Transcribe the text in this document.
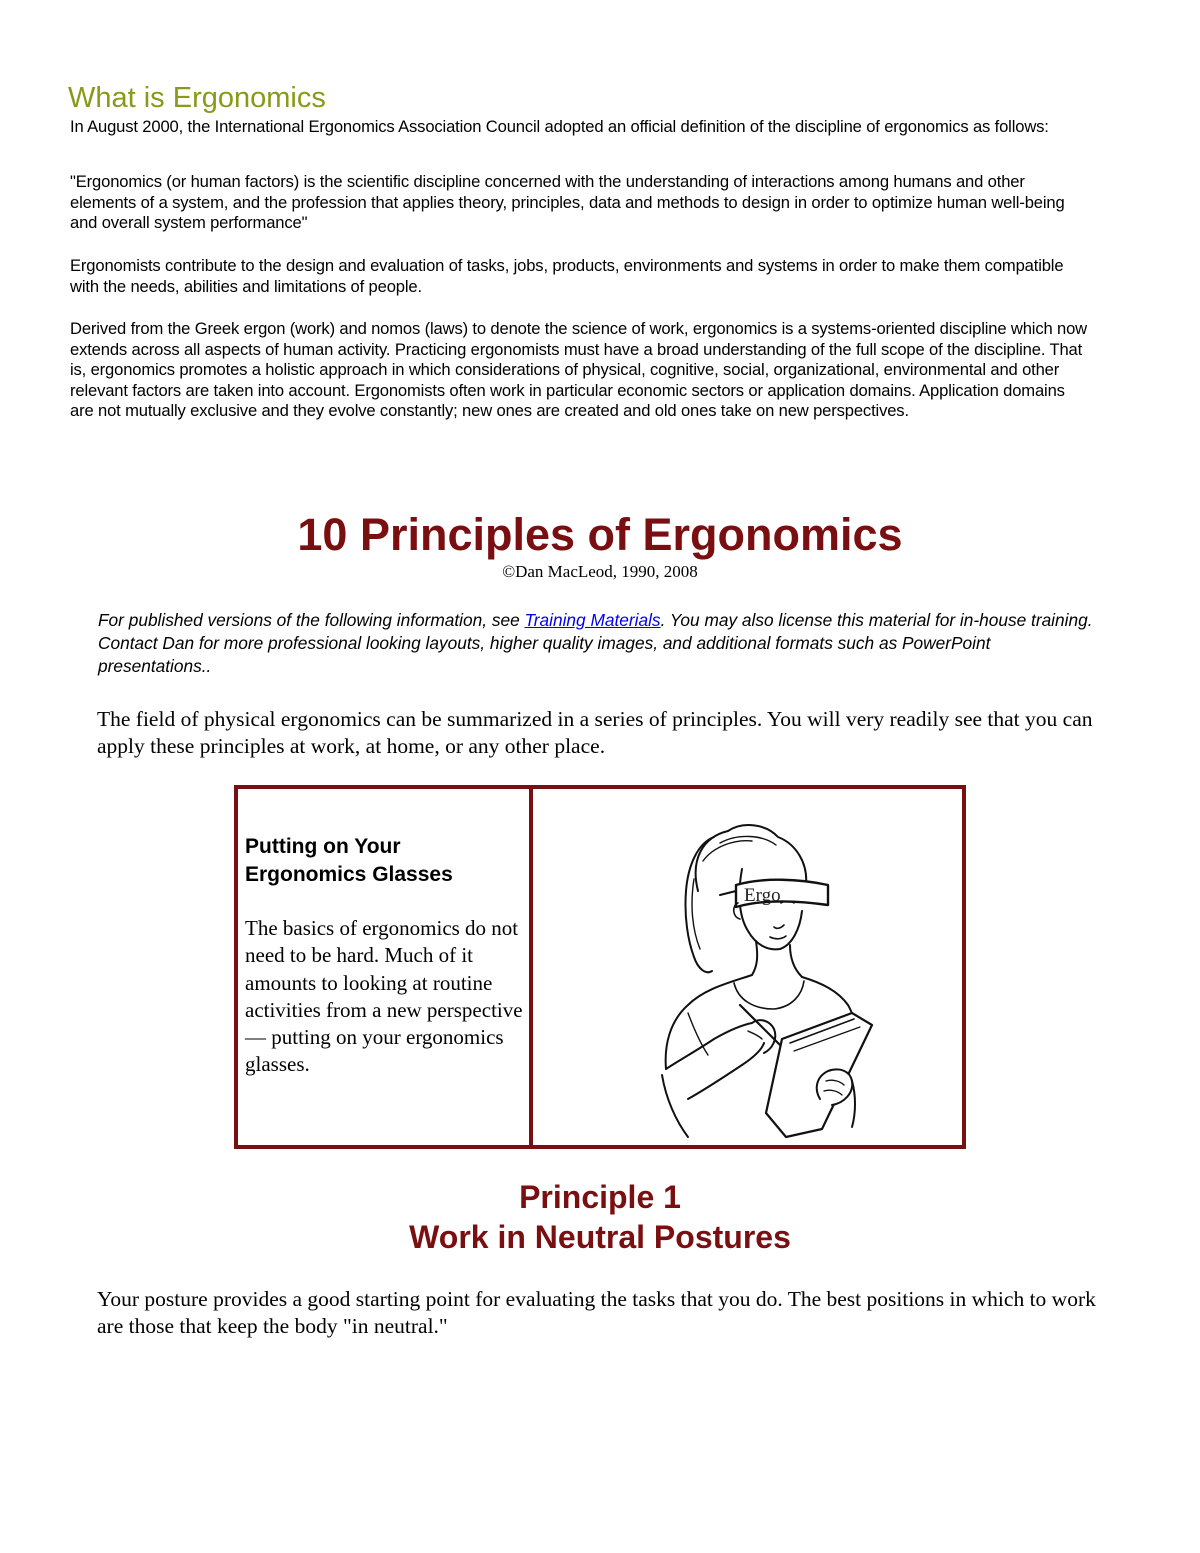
What is Ergonomics

In August 2000, the International Ergonomics Association Council adopted an official definition of the discipline of ergonomics as follows:

"Ergonomics (or human factors) is the scientific discipline concerned with the understanding of interactions among humans and other elements of a system, and the profession that applies theory, principles, data and methods to design in order to optimize human well-being and overall system performance"

Ergonomists contribute to the design and evaluation of tasks, jobs, products, environments and systems in order to make them compatible with the needs, abilities and limitations of people.

Derived from the Greek ergon (work) and nomos (laws) to denote the science of work, ergonomics is a systems-oriented discipline which now extends across all aspects of human activity. Practicing ergonomists must have a broad understanding of the full scope of the discipline. That is, ergonomics promotes a holistic approach in which considerations of physical, cognitive, social, organizational, environmental and other relevant factors are taken into account. Ergonomists often work in particular economic sectors or application domains. Application domains are not mutually exclusive and they evolve constantly; new ones are created and old ones take on new perspectives.

10 Principles of Ergonomics

©Dan MacLeod, 1990, 2008

For published versions of the following information, see Training Materials. You may also license this material for in-house training. Contact Dan for more professional looking layouts, higher quality images, and additional formats such as PowerPoint presentations..

The field of physical ergonomics can be summarized in a series of principles. You will very readily see that you can apply these principles at work, at home, or any other place.

Putting on Your Ergonomics Glasses

The basics of ergonomics do not need to be hard. Much of it amounts to looking at routine activities from a new perspective — putting on your ergonomics glasses.

Ergo
Principle 1
Work in Neutral Postures

Your posture provides a good starting point for evaluating the tasks that you do. The best positions in which to work are those that keep the body "in neutral."
